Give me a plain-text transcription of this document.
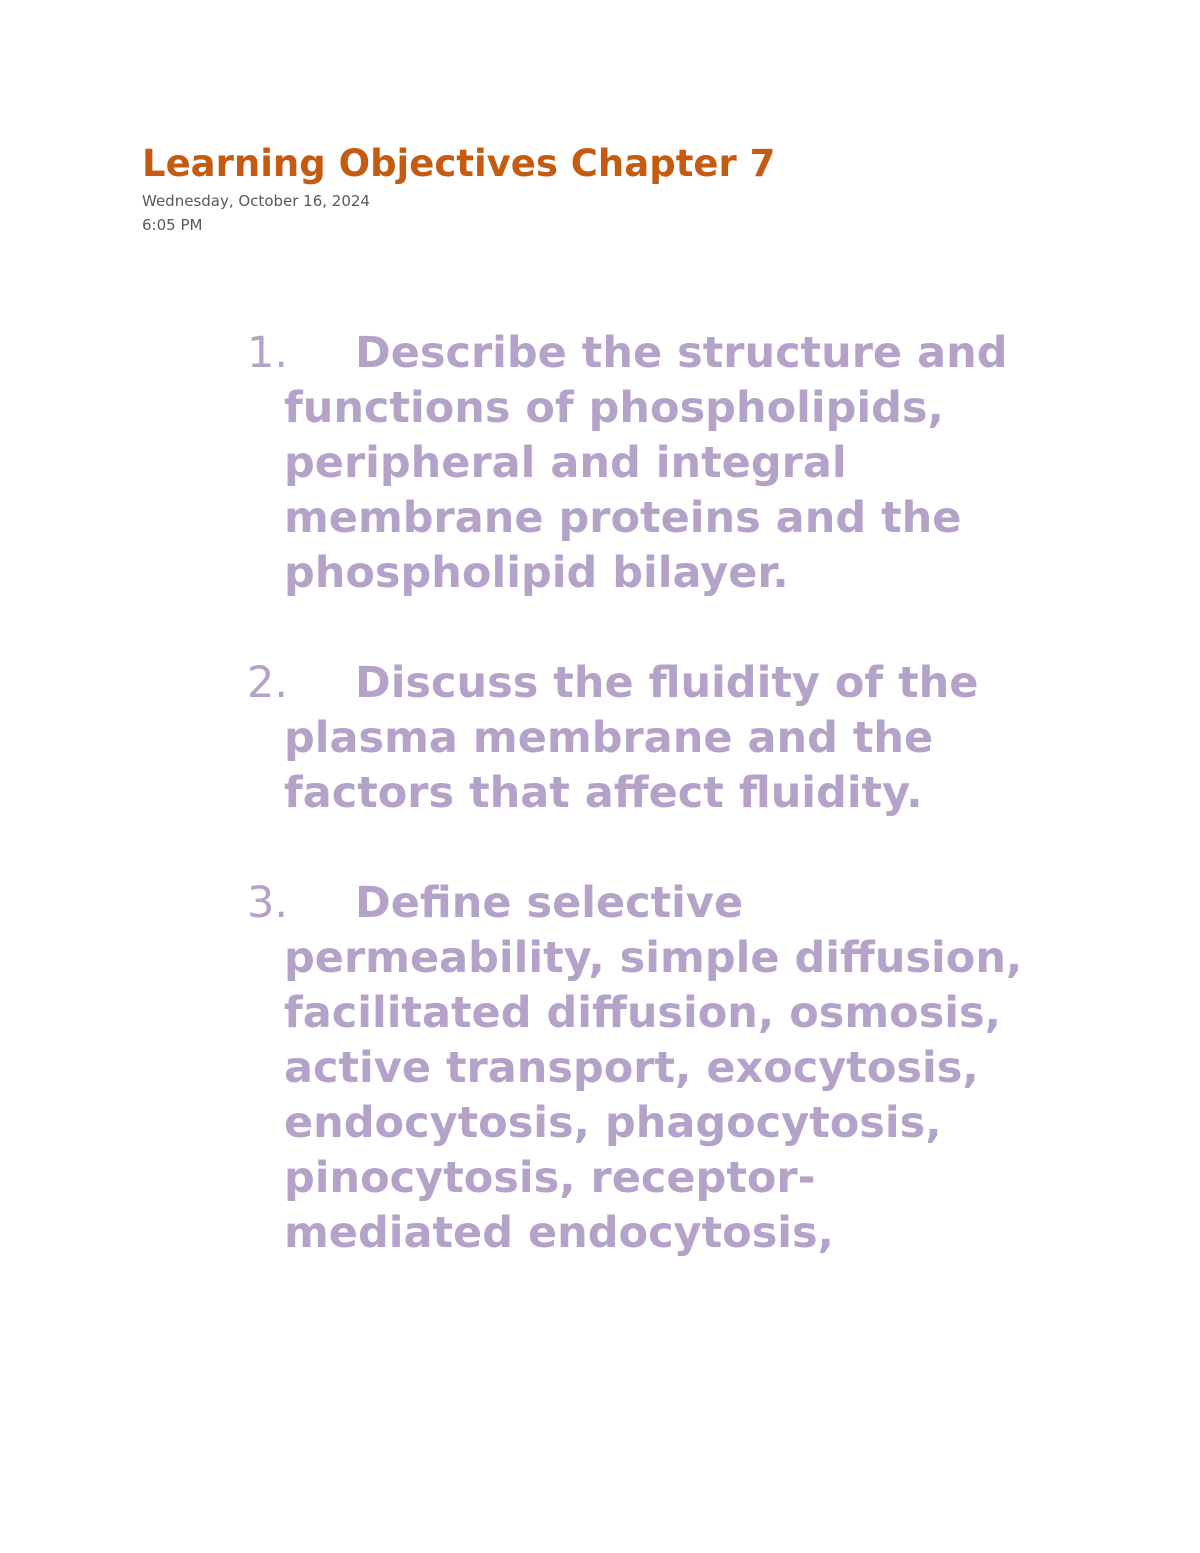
Learning Objectives Chapter 7
Wednesday, October 16, 2024
6:05 PM
1.	Describe the structure and functions of phospholipids, peripheral and integral membrane proteins and the phospholipid bilayer.
2.	Discuss the fluidity of the plasma membrane and the factors that affect fluidity.
3.	Define selective permeability, simple diffusion, facilitated diffusion, osmosis, active transport, exocytosis, endocytosis, phagocytosis, pinocytosis, receptor-mediated endocytosis,
